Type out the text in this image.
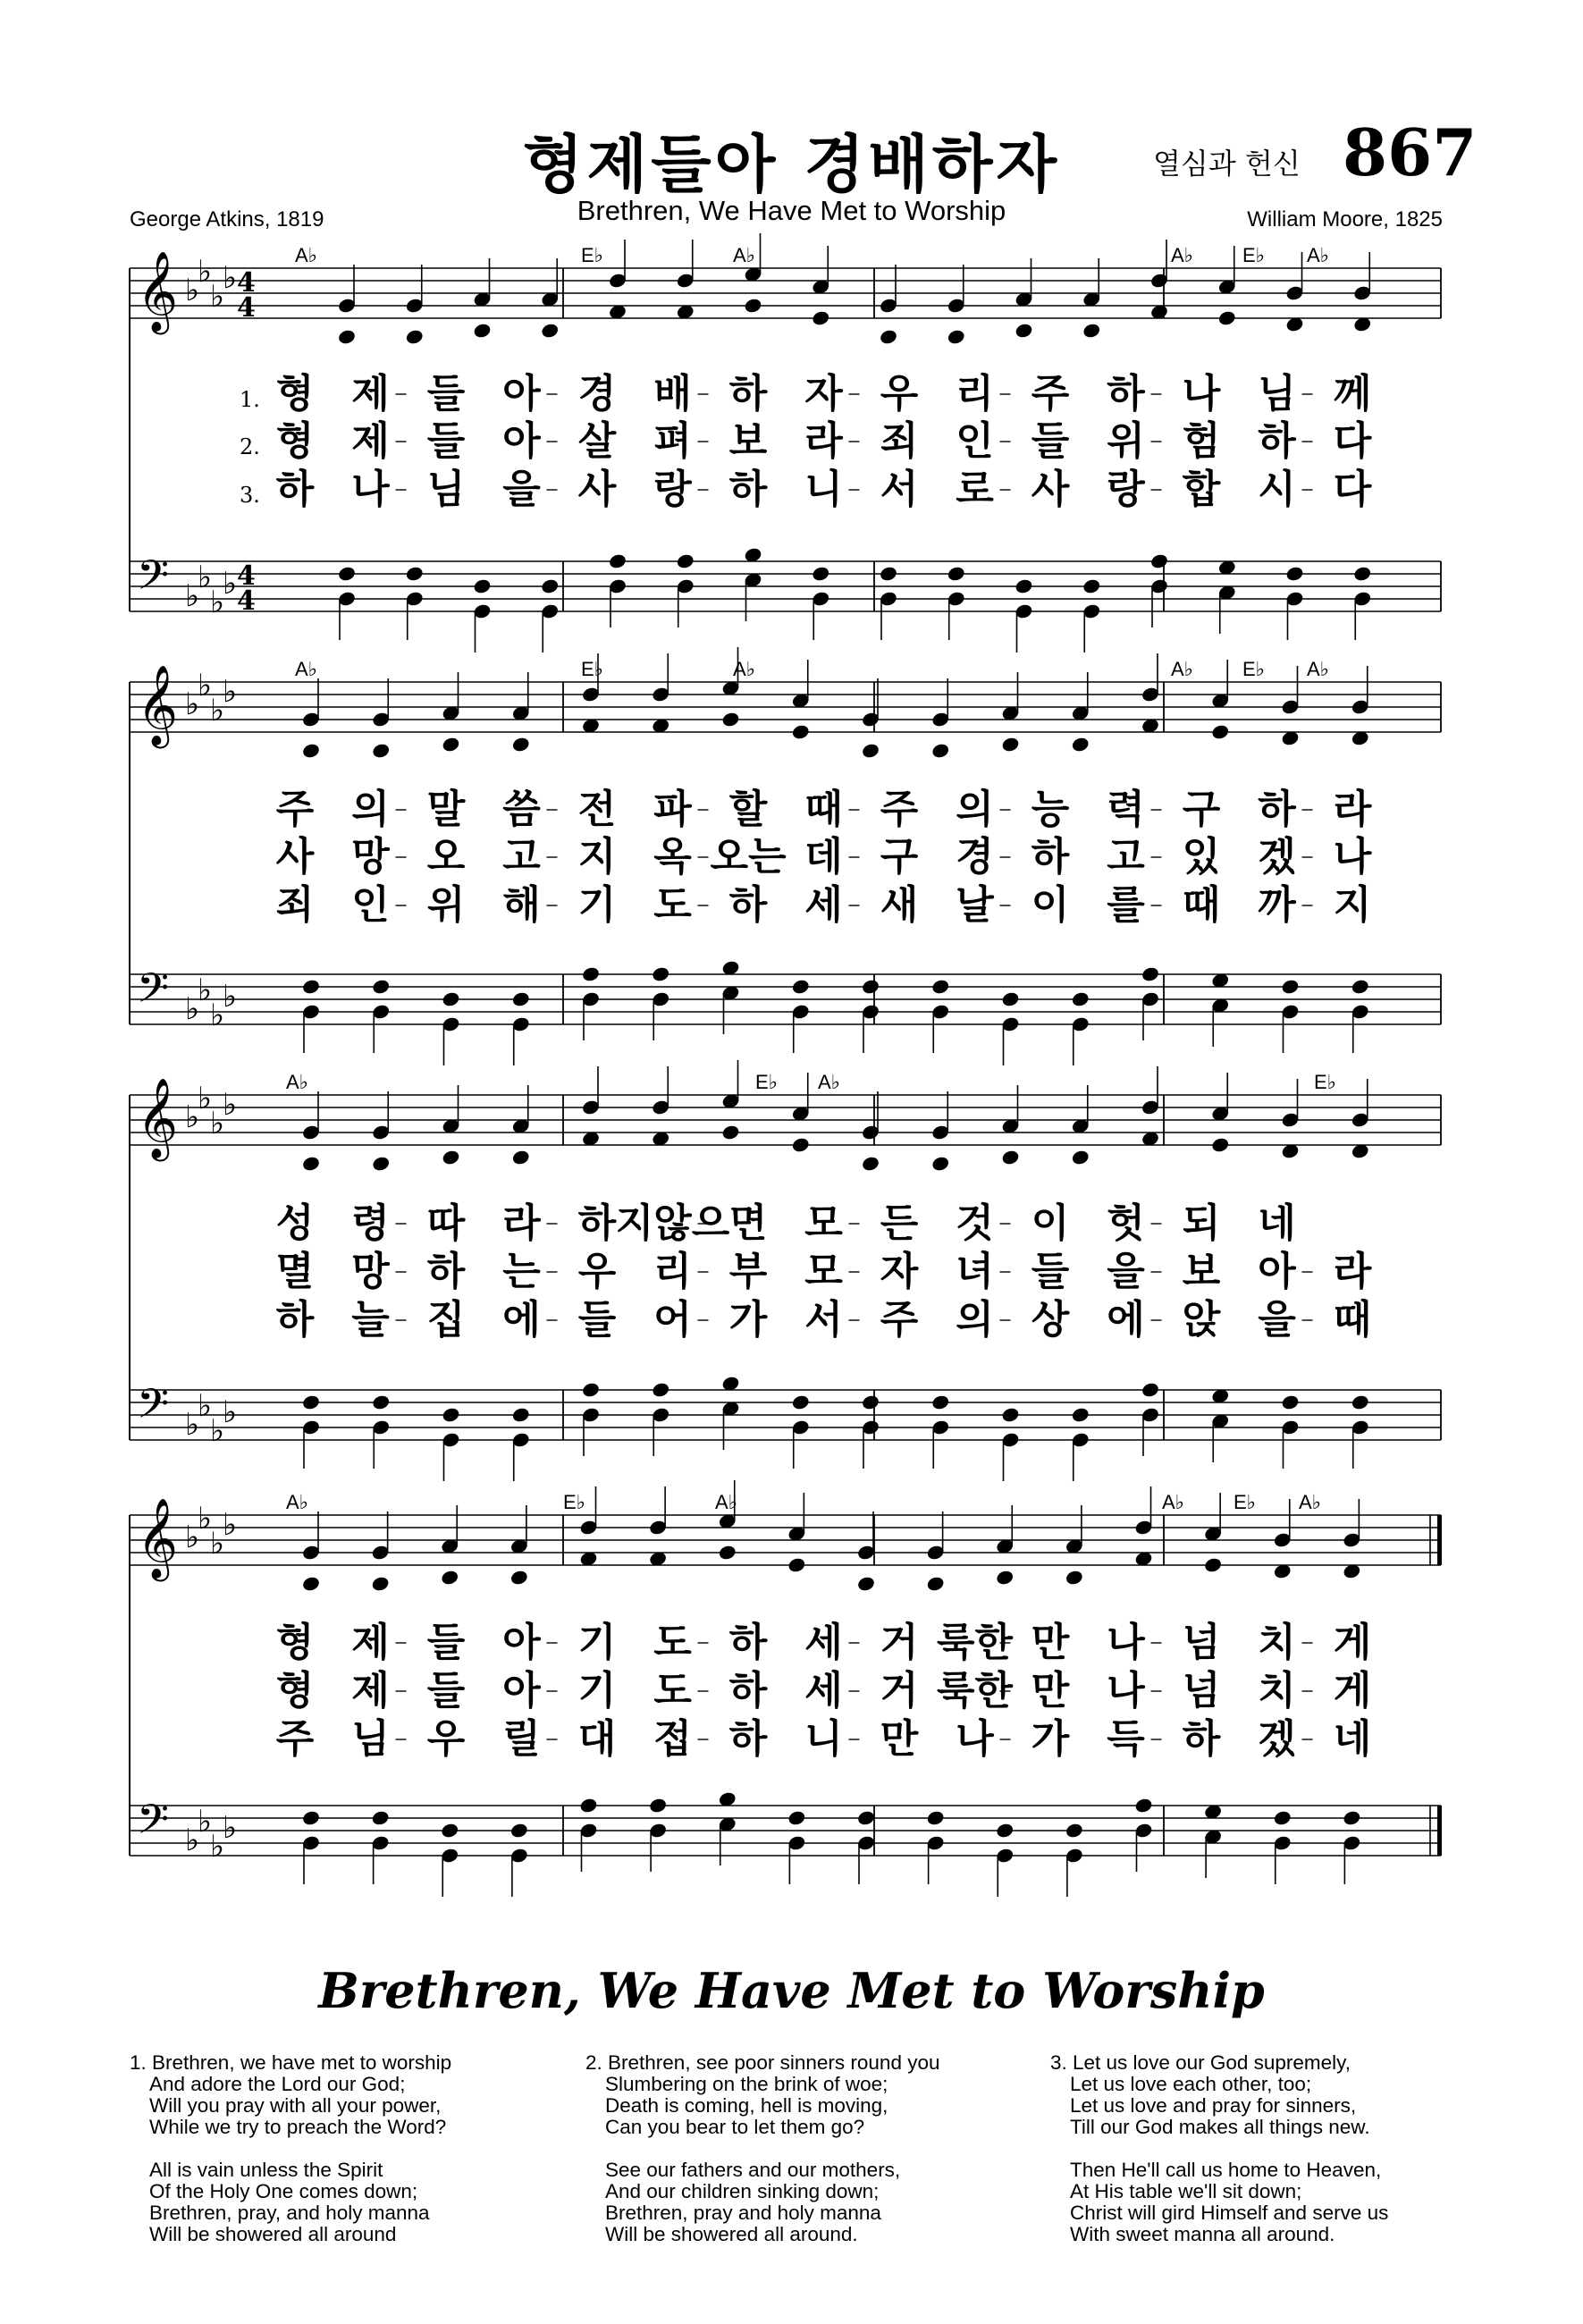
형제들아 경배하자
Brethren, We Have Met to Worship
열심과 헌신 867
George Atkins, 1819	William Moore, 1825
𝄞
𝄢
♭
♭
♭
♭
♭
♭
♭
♭
4
4
4
4
A♭	E♭	A♭	A♭ E♭ A♭
1. 형 제 들 아 경 배 하 자 우 리 주 하 나 님 께
2. 형 제 들 아 살 펴 보 라 죄 인 들 위 험 하 다
3. 하 나 님 을 사 랑 하 니 서 로 사 랑 합 시 다
𝄞
𝄢
♭
♭
♭
♭
♭
♭
♭
♭
A♭	E♭	A♭	A♭ E♭ A♭
주 의 말 씀 전 파 할 때 주 의 능 력 구 하 라
사 망 오 고 지 옥 오는 데 구 경 하 고 있 겠 나
죄 인 위 해 기 도 하 세 새 날 이 를 때 까 지
𝄞
𝄢
♭
♭
♭
♭
♭
♭
♭
♭
A♭	E♭ A♭	E♭
성 령 따 라 하 지않으 면 모 든 것 이 헛 되 네
멸 망 하 는 우 리 부 모 자 녀 들 을 보 아 라
하 늘 집 에 들 어 가 서 주 의 상 에 앉 을 때
𝄞
𝄢
♭
♭
♭
♭
♭
♭
♭
♭
A♭	E♭	A♭	A♭ E♭ A♭
형 제 들 아 기 도 하 세 거 룩한 만 나 넘 치 게
형 제 들 아 기 도 하 세 거 룩한 만 나 넘 치 게
주 님 우 릴 대 접 하 니 만 나 가 득 하 겠 네
Brethren, We Have Met to Worship
1. Brethren, we have met to worship
And adore the Lord our God;
Will you pray with all your power,
While we try to preach the Word?
All is vain unless the Spirit
Of the Holy One comes down;
Brethren, pray, and holy manna
Will be showered all around
2. Brethren, see poor sinners round you
Slumbering on the brink of woe;
Death is coming, hell is moving,
Can you bear to let them go?
See our fathers and our mothers,
And our children sinking down;
Brethren, pray and holy manna
Will be showered all around.
3. Let us love our God supremely,
Let us love each other, too;
Let us love and pray for sinners,
Till our God makes all things new.
Then He'll call us home to Heaven,
At His table we'll sit down;
Christ will gird Himself and serve us
With sweet manna all around.
